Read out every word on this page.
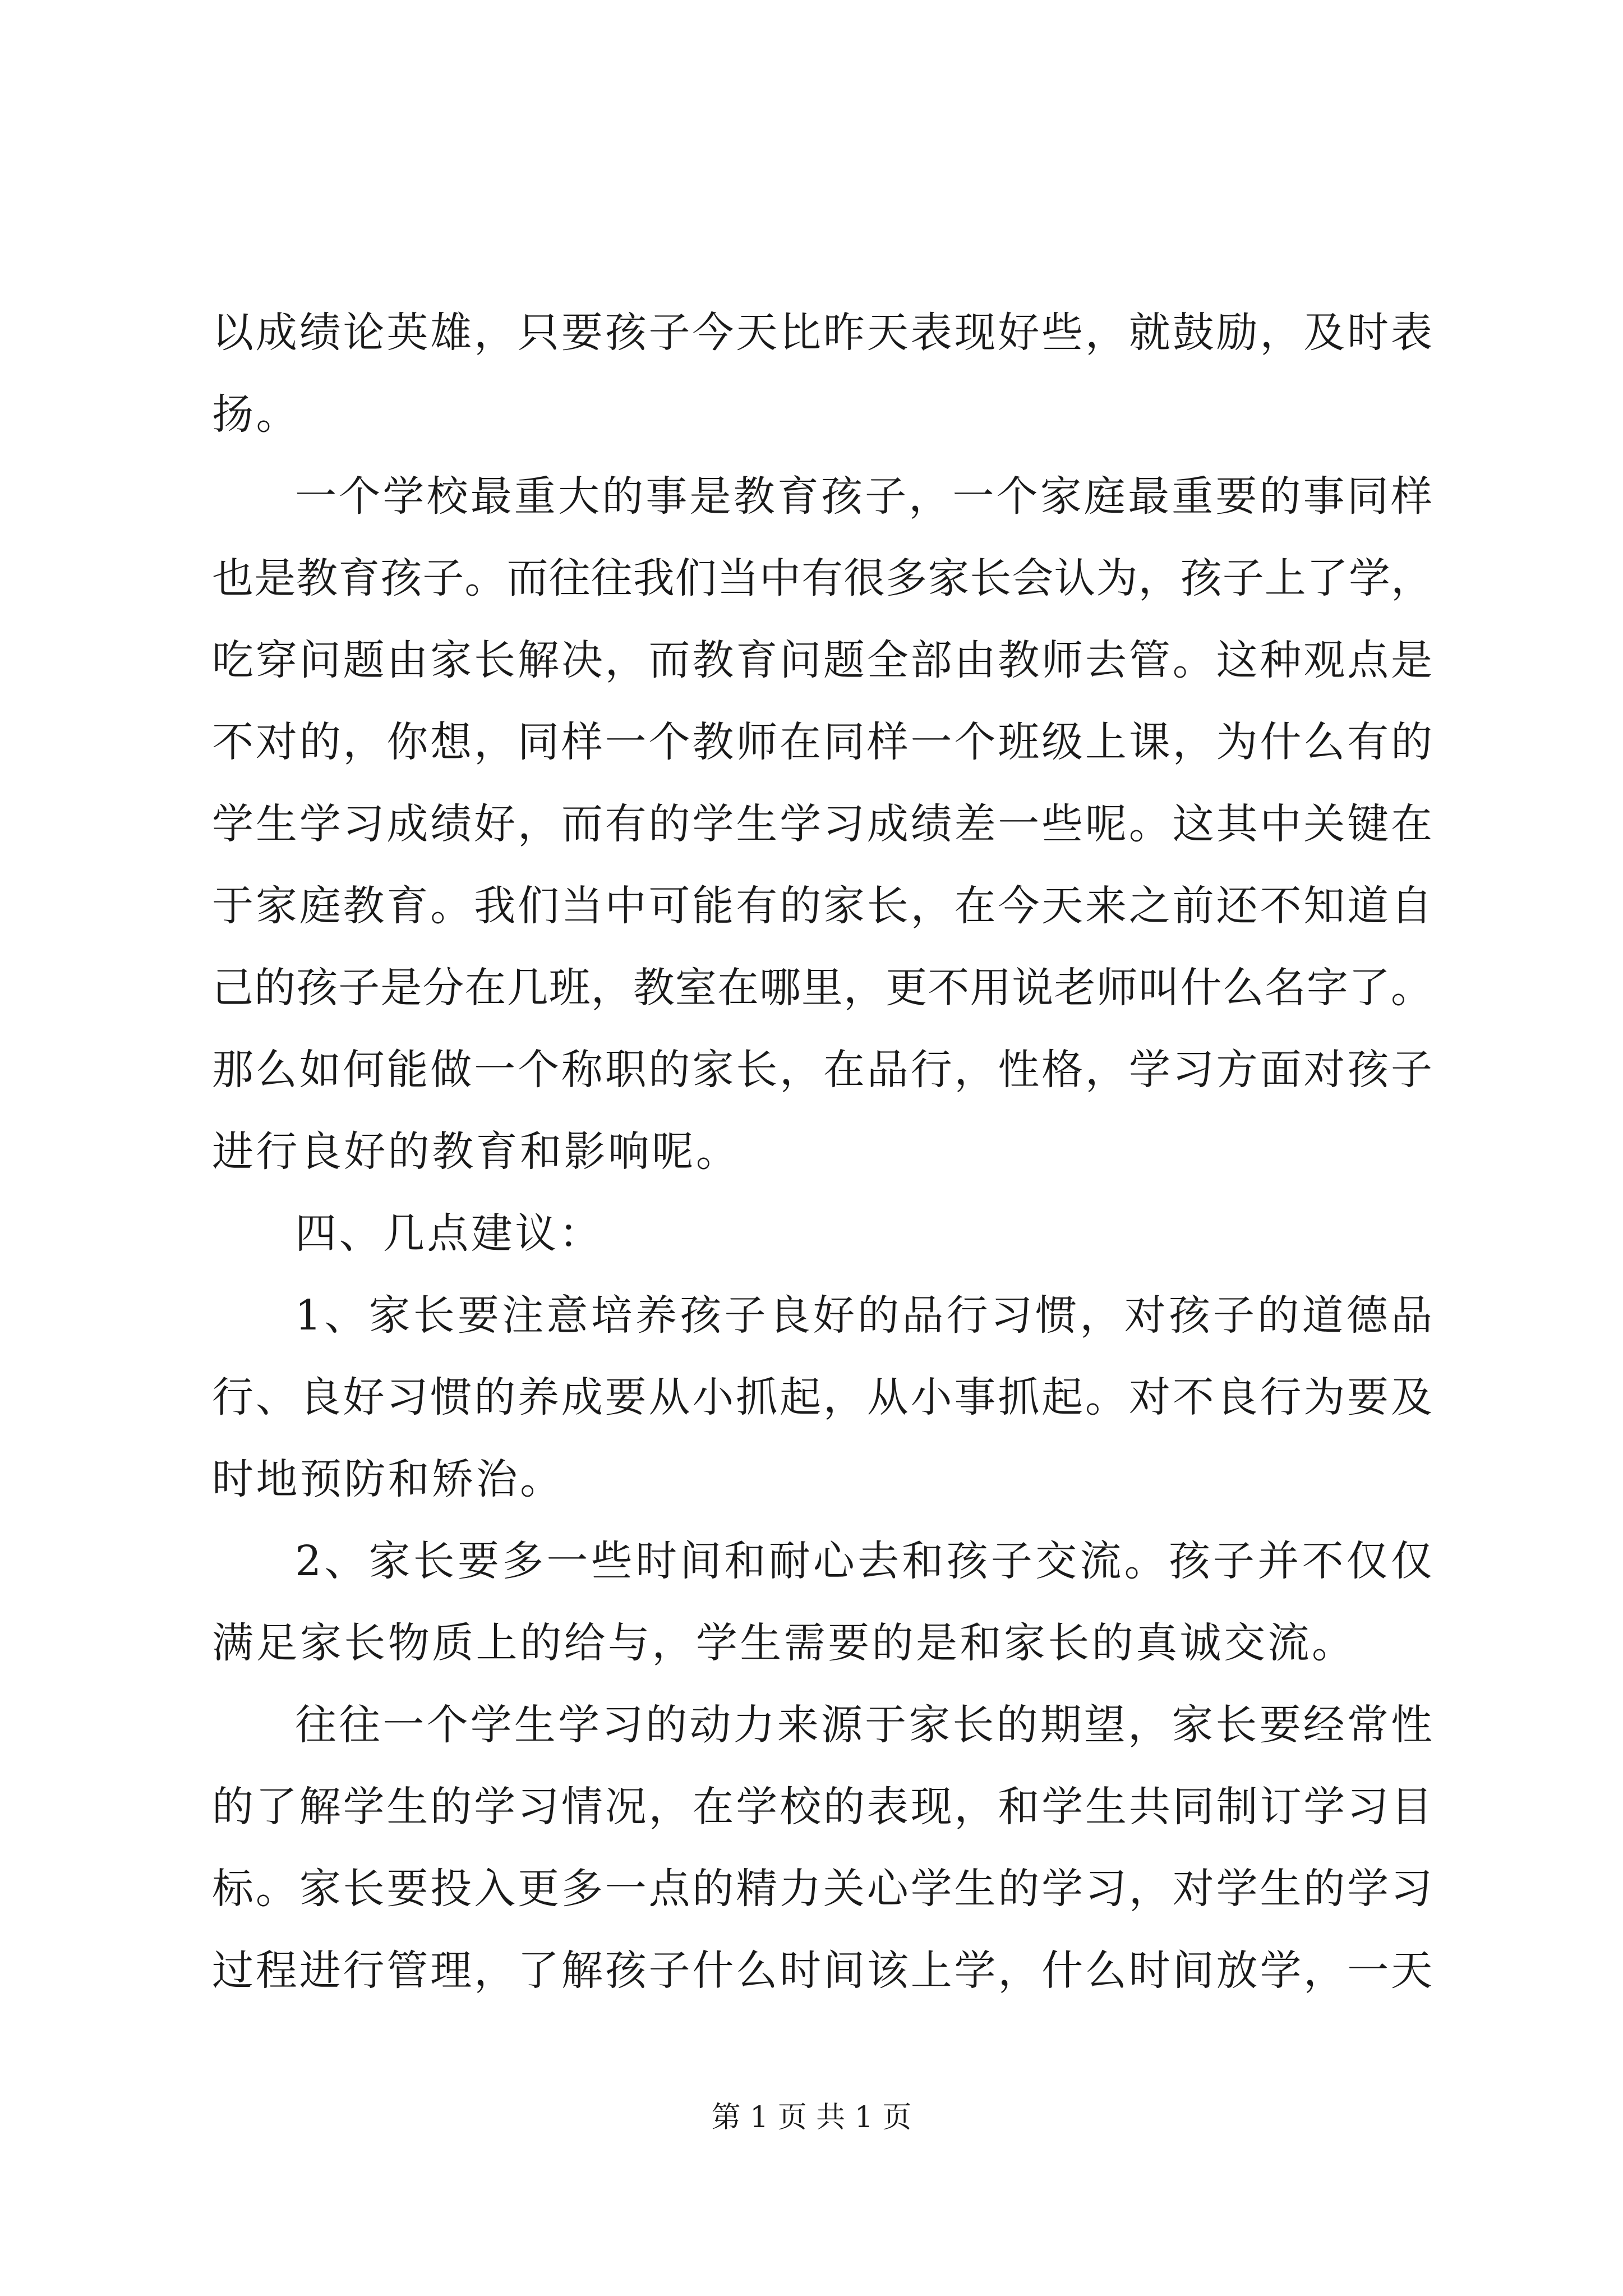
以成绩论英雄，只要孩子今天比昨天表现好些，就鼓励，及时表
扬。
一个学校最重大的事是教育孩子，一个家庭最重要的事同样
也是教育孩子。而往往我们当中有很多家长会认为，孩子上了学，
吃穿问题由家长解决，而教育问题全部由教师去管。这种观点是
不对的，你想，同样一个教师在同样一个班级上课，为什么有的
学生学习成绩好，而有的学生学习成绩差一些呢。这其中关键在
于家庭教育。我们当中可能有的家长，在今天来之前还不知道自
己的孩子是分在几班，教室在哪里，更不用说老师叫什么名字了。
那么如何能做一个称职的家长，在品行，性格，学习方面对孩子
进行良好的教育和影响呢。
四、几点建议：
1、家长要注意培养孩子良好的品行习惯，对孩子的道德品
行、良好习惯的养成要从小抓起，从小事抓起。对不良行为要及
时地预防和矫治。
2、家长要多一些时间和耐心去和孩子交流。孩子并不仅仅
满足家长物质上的给与，学生需要的是和家长的真诚交流。
往往一个学生学习的动力来源于家长的期望，家长要经常性
的了解学生的学习情况，在学校的表现，和学生共同制订学习目
标。家长要投入更多一点的精力关心学生的学习，对学生的学习
过程进行管理，了解孩子什么时间该上学，什么时间放学，一天
第 1 页 共 1 页
